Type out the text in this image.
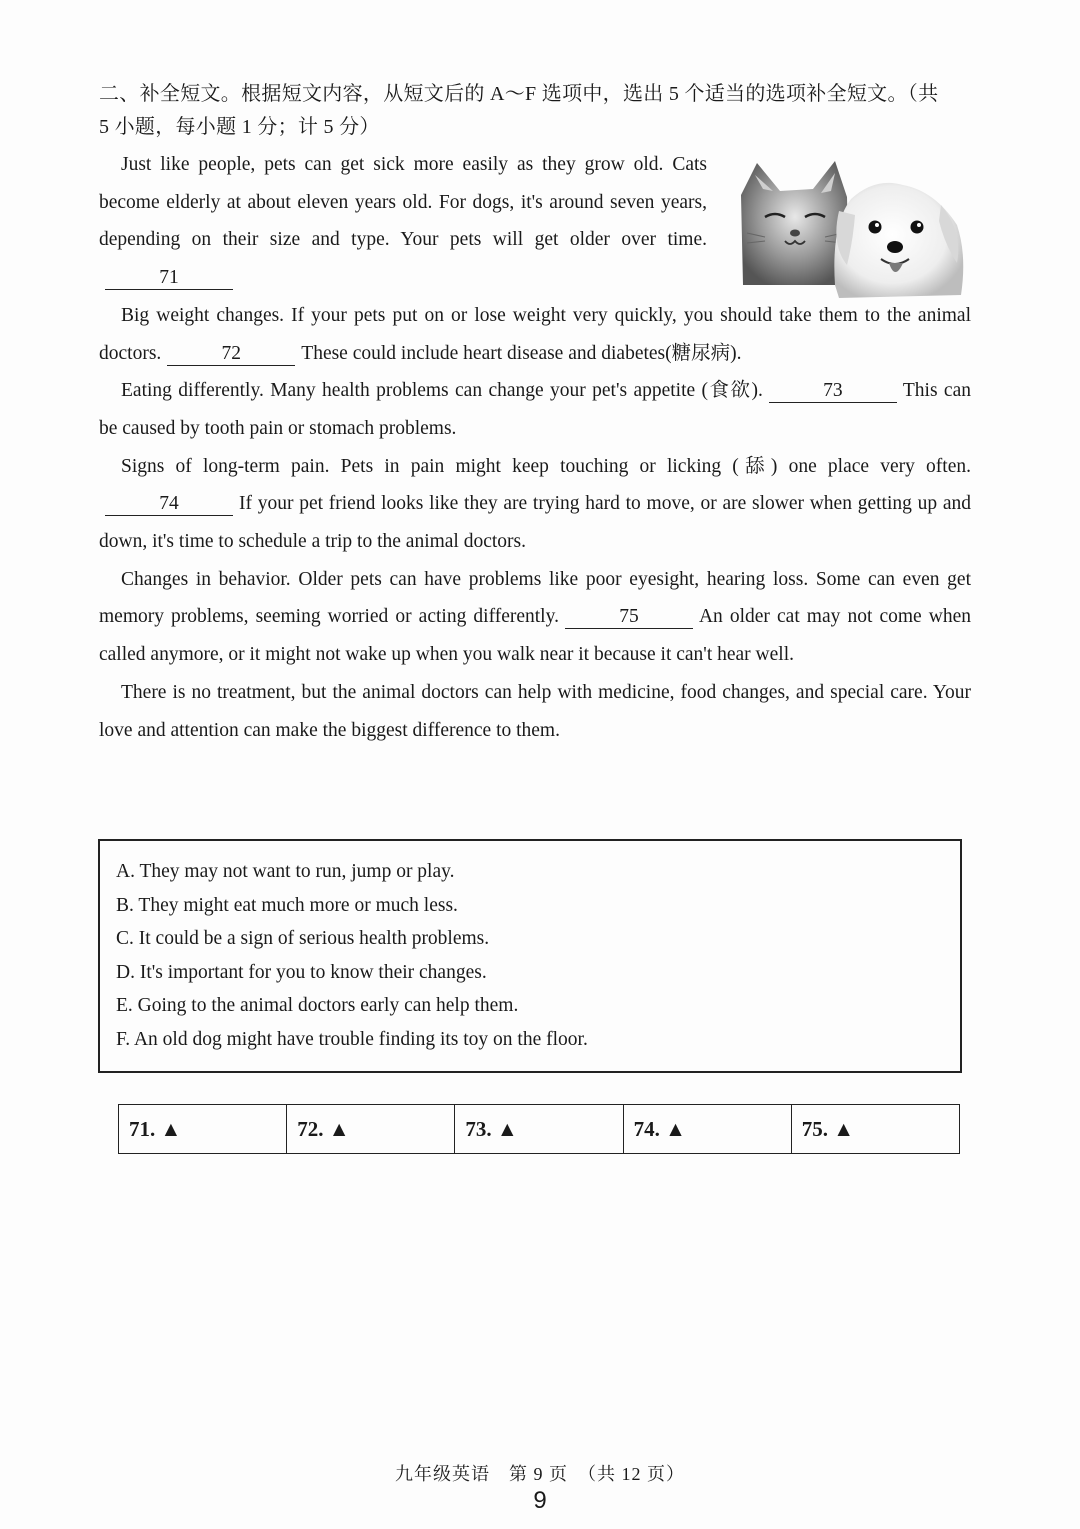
二、补全短文。根据短文内容，从短文后的 A～F 选项中，选出 5 个适当的选项补全短文。（共
5 小题，每小题 1 分；计 5 分）

Just like people, pets can get sick more easily as they grow old. Cats become elderly at about eleven years old. For dogs, it's around seven years, depending on their size and type. Your pets will get older over time.71

Big weight changes. If your pets put on or lose weight very quickly, you should take them to the animal doctors.	72	These could include heart disease and diabetes(糖尿病).

Eating differently. Many health problems can change your pet's appetite (食欲).	73	This can be caused by tooth pain or stomach problems.

Signs of long-term pain. Pets in pain might keep touching or licking (舔) one place very often.74	If your pet friend looks like they are trying hard to move, or are slower when getting up and down, it's time to schedule a trip to the animal doctors.

Changes in behavior. Older pets can have problems like poor eyesight, hearing loss. Some can even get memory problems, seeming worried or acting differently.	75	An older cat may not come when called anymore, or it might not wake up when you walk near it because it can't hear well.

There is no treatment, but the animal doctors can help with medicine, food changes, and special care. Your love and attention can make the biggest difference to them.

A. They may not want to run, jump or play.
B. They might eat much more or much less.
C. It could be a sign of serious health problems.
D. It's important for you to know their changes.
E. Going to the animal doctors early can help them.
F. An old dog might have trouble finding its toy on the floor.
71. ▲	72. ▲	73. ▲	74. ▲	75. ▲
九年级英语　第 9 页　（共 12 页）
9
